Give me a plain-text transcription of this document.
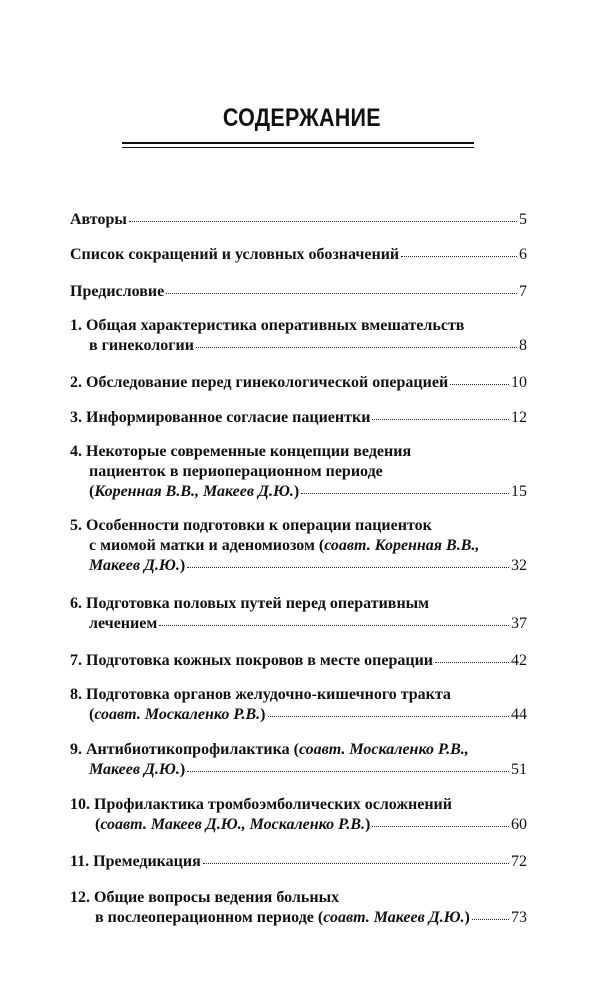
СОДЕРЖАНИЕ
Авторы	5
Список сокращений и условных обозначений	6
Предисловие	7
1. Общая характеристика оперативных вмешательств
в гинекологии	8
2. Обследование перед гинекологической операцией	10
3. Информированное согласие пациентки	12
4. Некоторые современные концепции ведения
пациенток в периоперационном периоде
(Коренная В.В., Макеев Д.Ю.)	15
5. Особенности подготовки к операции пациенток
с миомой матки и аденомиозом (соавт. Коренная В.В.,
Макеев Д.Ю.)	32
6. Подготовка половых путей перед оперативным
лечением	37
7. Подготовка кожных покровов в месте операции	42
8. Подготовка органов желудочно-кишечного тракта
(соавт. Москаленко Р.В.)	44
9. Антибиотикопрофилактика (соавт. Москаленко Р.В.,
Макеев Д.Ю.)	51
10. Профилактика тромбоэмболических осложнений
(соавт. Макеев Д.Ю., Москаленко Р.В.)	60
11. Премедикация	72
12. Общие вопросы ведения больных
в послеоперационном периоде (соавт. Макеев Д.Ю.)	73
